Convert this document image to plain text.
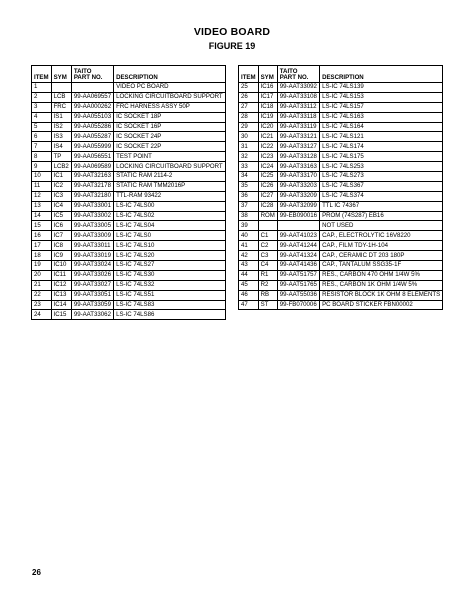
VIDEO BOARD
FIGURE 19
ITEM	SYM	TAITO
PART NO.	DESCRIPTION
1			VIDEO PC BOARD
2	LCB	99-AA069557	LOCKING CIRCUITBOARD SUPPORT
3	FRC	99-AA000262	FRC HARNESS ASSY 50P
4	IS1	99-AA055103	IC SOCKET 18P
5	IS2	99-AA055286	IC SOCKET 16P
6	IS3	99-AA055287	IC SOCKET 24P
7	IS4	99-AA055999	IC SOCKET 22P
8	TP	99-AA056551	TEST POINT
9	LCB2	99-AA069589	LOCKING CIRCUITBOARD SUPPORT
10	IC1	99-AAT32163	STATIC RAM 2114-2
11	IC2	99-AAT32178	STATIC RAM TMM2016P
12	IC3	99-AAT32180	TTL-RAM 93422
13	IC4	99-AAT33001	LS-IC 74LS00
14	IC5	99-AAT33002	LS-IC 74LS02
15	IC6	99-AAT33005	LS-IC 74LS04
16	IC7	99-AAT33009	LS-IC 74LS0
17	IC8	99-AAT33011	LS-IC 74LS10
18	IC9	99-AAT33019	LS-IC 74LS20
19	IC10	99-AAT33024	LS-IC 74LS27
20	IC11	99-AAT33026	LS-IC 74LS30
21	IC12	99-AAT33027	LS-IC 74LS32
22	IC13	99-AAT33051	LS-IC 74LS51
23	IC14	99-AAT33059	LS-IC 74LS83
24	IC15	99-AAT33062	LS-IC 74LS86
ITEM	SYM	TAITO
PART NO.	DESCRIPTION
25	IC16	99-AAT33092	LS-IC 74LS139
26	IC17	99-AAT33108	LS-IC 74LS153
27	IC18	99-AAT33112	LS-IC 74LS157
28	IC19	99-AAT33118	LS-IC 74LS163
29	IC20	99-AAT33119	LS-IC 74LS164
30	IC21	99-AAT33121	LS-IC 74LS121
31	IC22	99-AAT33127	LS-IC 74LS174
32	IC23	99-AAT33128	LS-IC 74LS175
33	IC24	99-AAT33163	LS-IC 74LS253
34	IC25	99-AAT33170	LS-IC 74LS273
35	IC26	99-AAT33203	LS-IC 74LS367
36	IC27	99-AAT33209	LS-IC 74LS374
37	IC28	99-AAT32099	TTL IC 74367
38	ROM	99-EB090016	PROM (74S287) EB16
39			NOT USED
40	C1	99-AAT41023	CAP., ELECTROLYTIC 16V8220
41	C2	99-AAT41244	CAP., FILM TDY-1H-104
42	C3	99-AAT41324	CAP., CERAMIC DT 203 180P
43	C4	99-AAT41436	CAP., TANTALUM SSG35-1F
44	R1	99-AAT51757	RES., CARBON 470 OHM 1/4W 5%
45	R2	99-AAT51765	RES., CARBON 1K OHM 1/4W 5%
46	RB	99-AAT55036	RESISTOR BLOCK 1K OHM 8 ELEMENTS
47	ST	99-FB070006	PC BOARD STICKER FBN00002
26
